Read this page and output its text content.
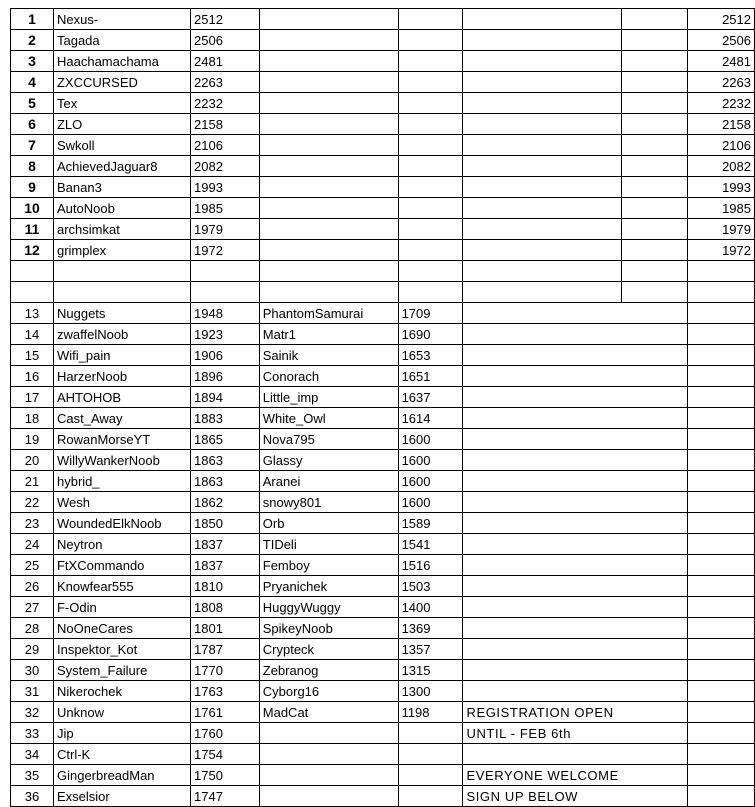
1	Nexus-	2512					2512
2	Tagada	2506					2506
3	Haachamachama	2481					2481
4	ZXCCURSED	2263					2263
5	Tex	2232					2232
6	ZLO	2158					2158
7	Swkoll	2106					2106
8	AchievedJaguar8	2082					2082
9	Banan3	1993					1993
10	AutoNoob	1985					1985
11	archsimkat	1979					1979
12	grimplex	1972					1972

13	Nuggets	1948	PhantomSamurai	1709			
14	zwaffelNoob	1923	Matr1	1690			
15	Wifi_pain	1906	Sainik	1653			
16	HarzerNoob	1896	Conorach	1651			
17	AHTOHOB	1894	Little_imp	1637			
18	Cast_Away	1883	White_Owl	1614			
19	RowanMorseYT	1865	Nova795	1600			
20	WillyWankerNoob	1863	Glassy	1600			
21	hybrid_	1863	Aranei	1600			
22	Wesh	1862	snowy801	1600			
23	WoundedElkNoob	1850	Orb	1589			
24	Neytron	1837	TIDeli	1541			
25	FtXCommando	1837	Femboy	1516			
26	Knowfear555	1810	Pryanichek	1503			
27	F-Odin	1808	HuggyWuggy	1400			
28	NoOneCares	1801	SpikeyNoob	1369			
29	Inspektor_Kot	1787	Crypteck	1357			
30	System_Failure	1770	Zebranog	1315			
31	Nikerochek	1763	Cyborg16	1300			
32	Unknow	1761	MadCat	1198	REGISTRATION OPEN		
33	Jip	1760			UNTIL - FEB 6th		
34	Ctrl-K	1754					
35	GingerbreadMan	1750			EVERYONE WELCOME		
36	Exselsior	1747			SIGN UP BELOW		
